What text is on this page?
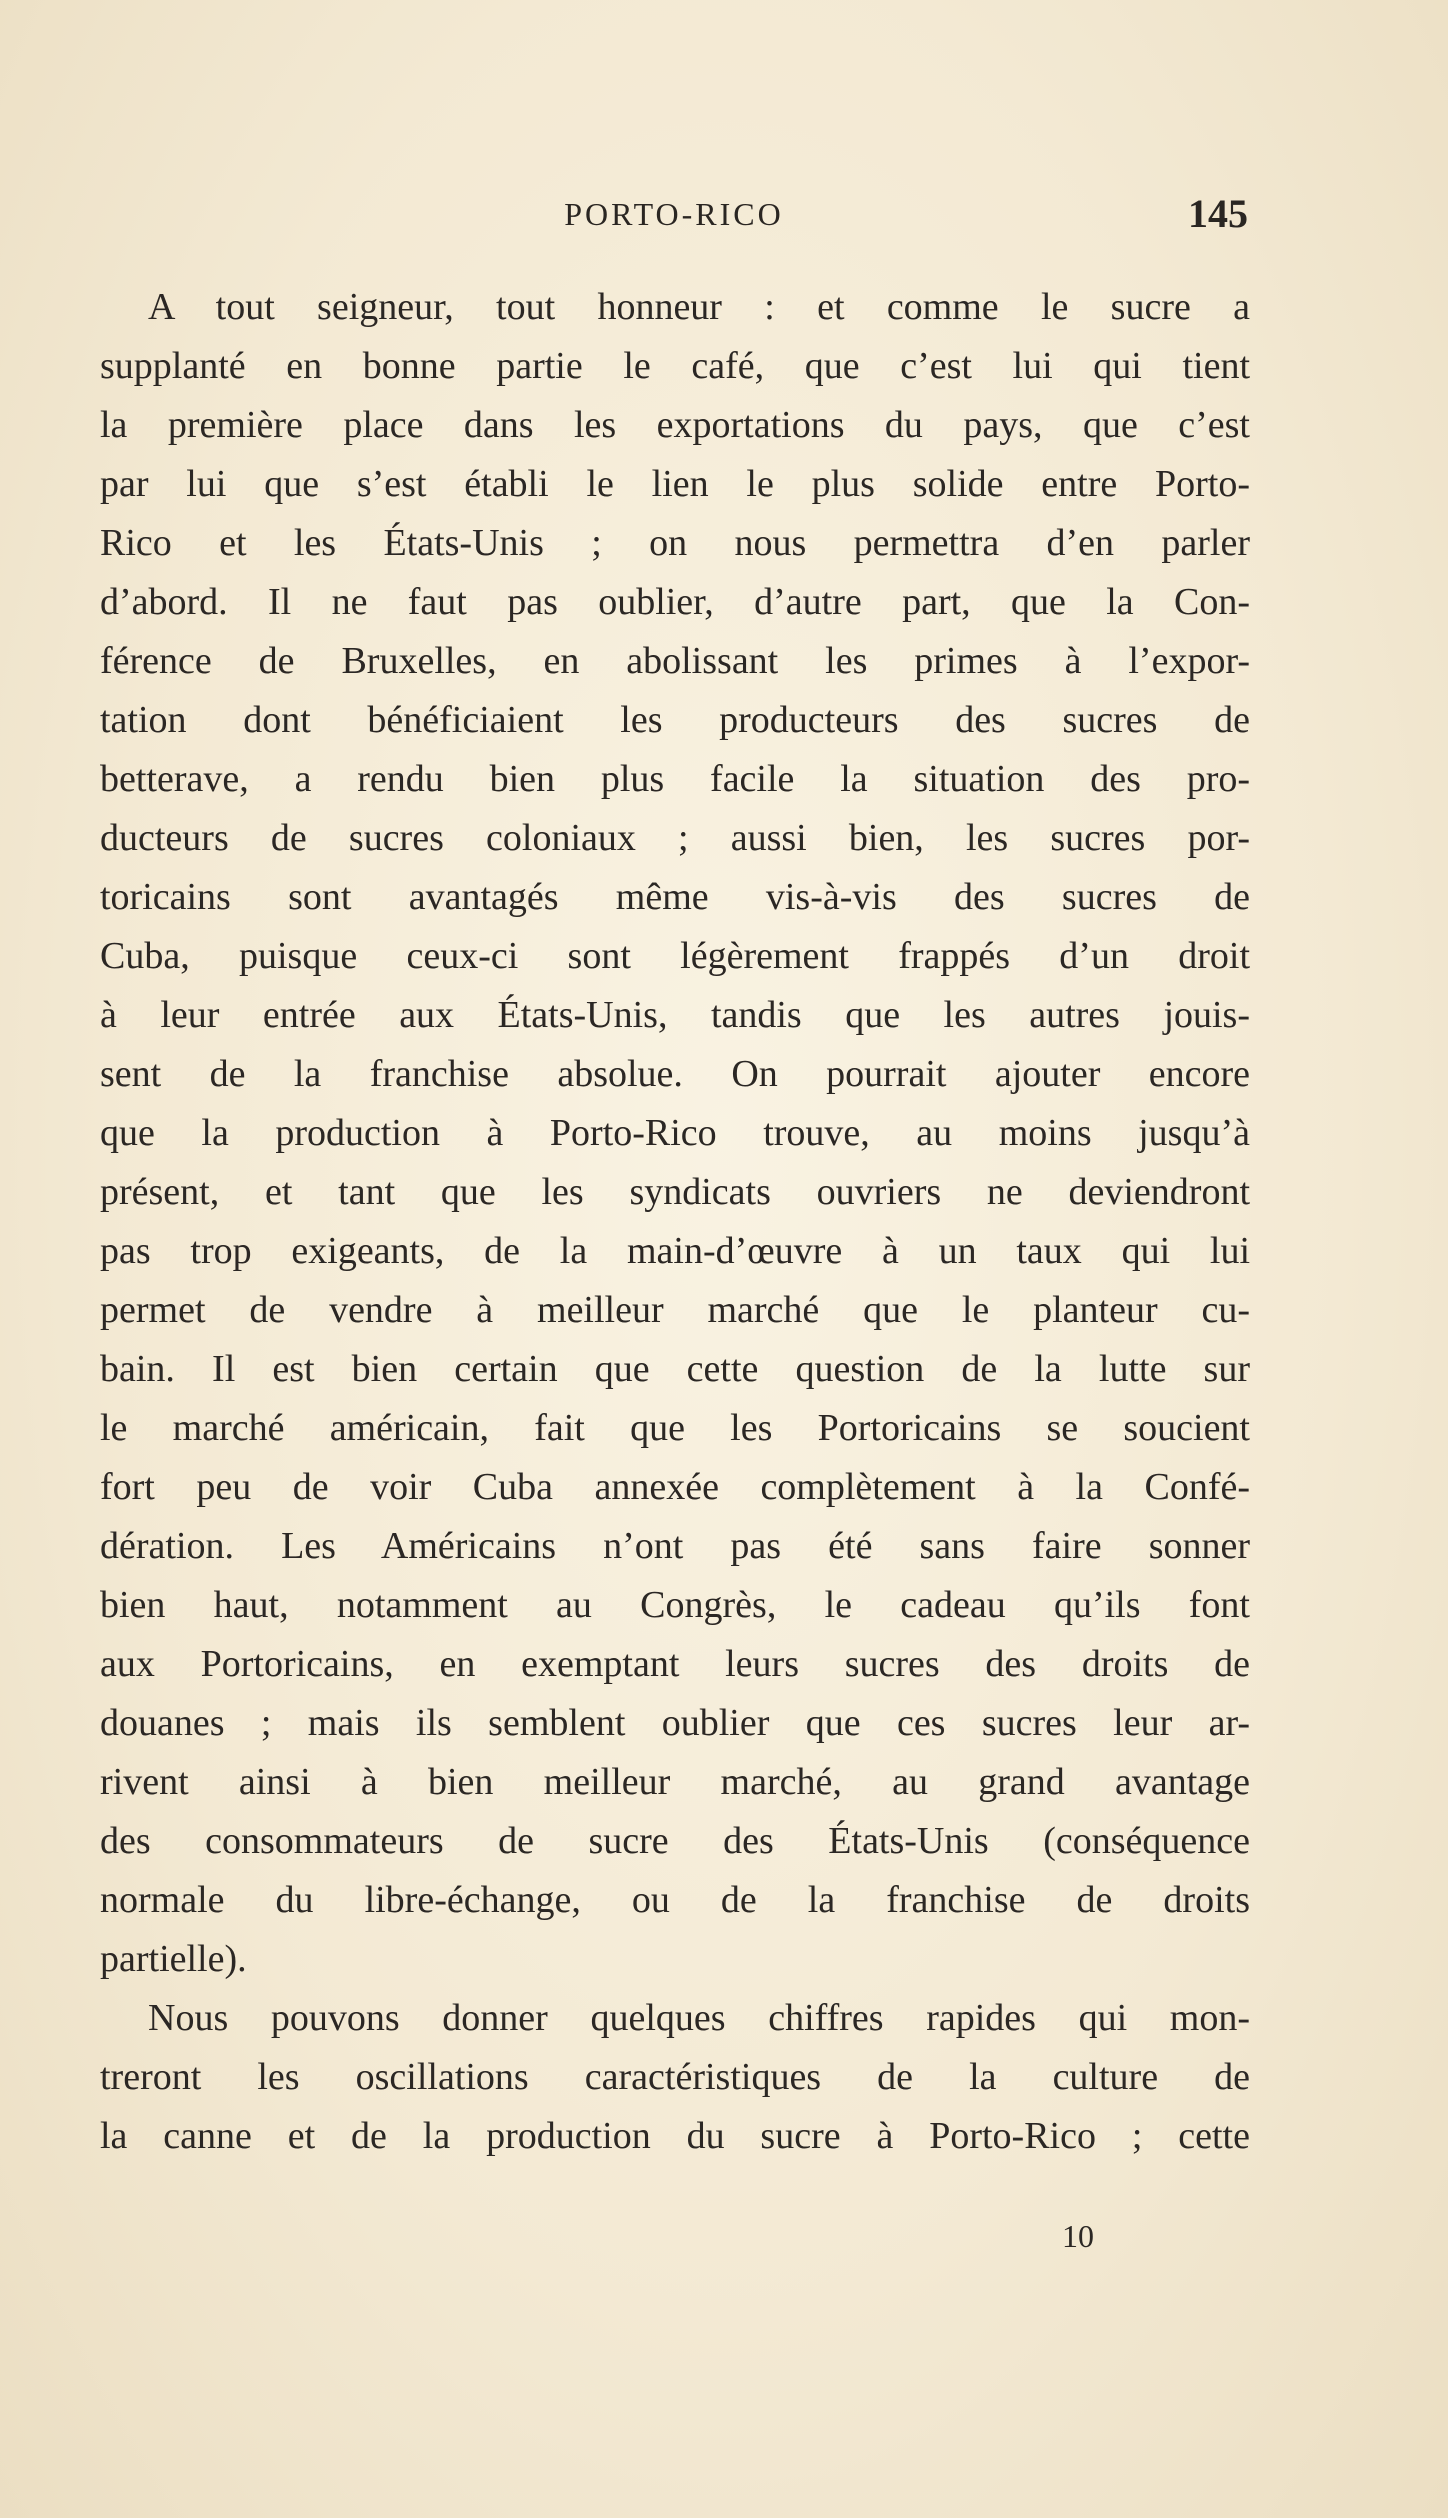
PORTO-RICO	145
A tout seigneur, tout honneur : et comme le sucre a
supplanté en bonne partie le café, que c’est lui qui tient
la première place dans les exportations du pays, que c’est
par lui que s’est établi le lien le plus solide entre Porto-
Rico et les États-Unis ; on nous permettra d’en parler
d’abord. Il ne faut pas oublier, d’autre part, que la Con-
férence de Bruxelles, en abolissant les primes à l’expor-
tation dont bénéficiaient les producteurs des sucres de
betterave, a rendu bien plus facile la situation des pro-
ducteurs de sucres coloniaux ; aussi bien, les sucres por-
toricains sont avantagés même vis-à-vis des sucres de
Cuba, puisque ceux-ci sont légèrement frappés d’un droit
à leur entrée aux États-Unis, tandis que les autres jouis-
sent de la franchise absolue. On pourrait ajouter encore
que la production à Porto-Rico trouve, au moins jusqu’à
présent, et tant que les syndicats ouvriers ne deviendront
pas trop exigeants, de la main-d’œuvre à un taux qui lui
permet de vendre à meilleur marché que le planteur cu-
bain. Il est bien certain que cette question de la lutte sur
le marché américain, fait que les Portoricains se soucient
fort peu de voir Cuba annexée complètement à la Confé-
dération. Les Américains n’ont pas été sans faire sonner
bien haut, notamment au Congrès, le cadeau qu’ils font
aux Portoricains, en exemptant leurs sucres des droits de
douanes ; mais ils semblent oublier que ces sucres leur ar-
rivent ainsi à bien meilleur marché, au grand avantage
des consommateurs de sucre des États-Unis (conséquence
normale du libre-échange, ou de la franchise de droits
partielle).
Nous pouvons donner quelques chiffres rapides qui mon-
treront les oscillations caractéristiques de la culture de
la canne et de la production du sucre à Porto-Rico ; cette
10
